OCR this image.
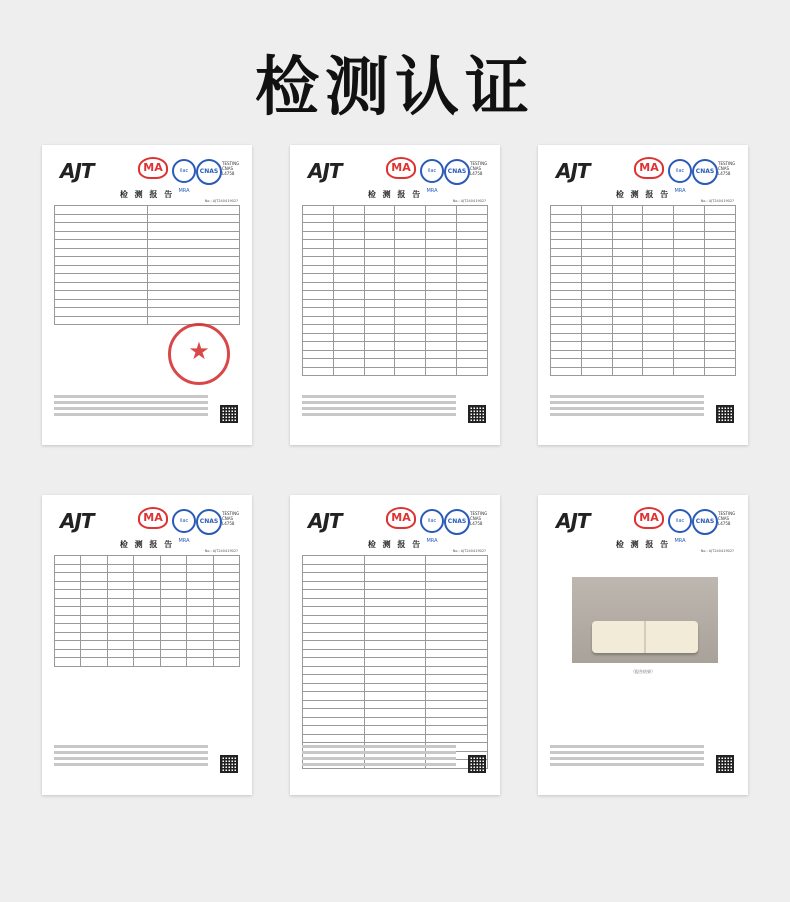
检测认证
AJT	MA	ilac MRA
CNAS
TESTING CNAS L4758
检 测 报 告
No.: AJT24041902?

★
AJT	MA	ilac MRA
CNAS
TESTING CNAS L4758
检 测 报 告
No.: AJT24041902?

AJT	MA	ilac MRA
CNAS
TESTING CNAS L4758
检 测 报 告
No.: AJT24041902?

AJT	MA	ilac MRA
CNAS
TESTING CNAS L4758
检 测 报 告
No.: AJT24041902?

AJT	MA	ilac MRA
CNAS
TESTING CNAS L4758
检 测 报 告
No.: AJT24041902?

AJT	MA	ilac MRA
CNAS
TESTING CNAS L4758
检 测 报 告
No.: AJT24041902?
（报告结果）
